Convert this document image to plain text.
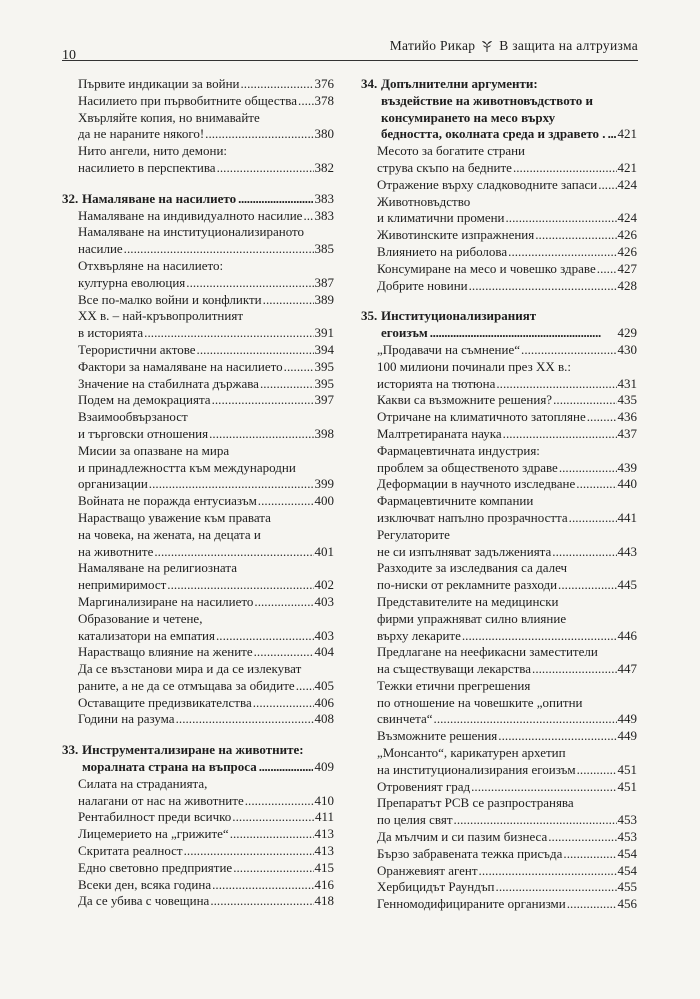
10
Матийо Рикар В защита на алтруизма
Първите индикации за войни . . .	376
Насилието при първобитните общества . . . 378
Хвърляйте копия, но внимавайте
да не нараните някого! . . .	380
Нито ангели, нито демони:
насилието в перспектива . . .	382
32. Намаляване на насилието . . .	383
Намаляване на индивидуалното насилие . . . 383
Намаляване на институционализираното
насилие . . .	385
Отхвърляне на насилието:
културна еволюция . . .	387
Все по-малко войни и конфликти . . .	389
XX в. – най-кръвопролитният
в историята . . .	391
Терористични актове . . .	394
Фактори за намаляване на насилието . . . 395
Значение на стабилната държава . . .	395
Подем на демокрацията . . .	397
Взаимообвързаност
и търговски отношения . . .	398
Мисии за опазване на мира
и принадлежността към международни
организации . . .	399
Войната не поражда ентусиазъм . . .	400
Нарастващо уважение към правата
на човека, на жената, на децата и
на животните . . .	401
Намаляване на религиозната
непримиримост . . .	402
Маргинализиране на насилието . . .	403
Образование и четене,
катализатори на емпатия . . .	403
Нарастващо влияние на жените . . .	404
Да се възстанови мира и да се излекуват
раните, а не да се отмъщава за обидите . . . 405
Оставащите предизвикателства . . .	406
Години на разума . . .	408
33. Инструментализиране на животните:
моралната страна на въпроса . . .	409
Силата на страданията,
налагани от нас на животните . . .	410
Рентабилност преди всичко . . .	411
Лицемерието на „грижите“ . . .	413
Скритата реалност . . .	413
Едно световно предприятие . . .	415
Всеки ден, всяка година . . .	416
Да се убива с човещина . . .	418
34. Допълнителни аргументи:
въздействие на животновъдството и
консумирането на месо върху
бедността, околната среда и здравето . . . . 421
Месото за богатите страни
струва скъпо на бедните . . .	421
Отражение върху сладководните запаси . . . 424
Животновъдство
и климатични промени . . .	424
Животинските изпражнения . . .	426
Влиянието на риболова . . .	426
Консумиране на месо и човешко здраве . . . 427
Добрите новини . . .	428
35. Институционализираният
егоизъм . . .	429
„Продавачи на съмнение“ . . .	430
100 милиони починали през XX в.:
историята на тютюна . . .	431
Какви са възможните решения? . . .	435
Отричане на климатичното затопляне . . . 436
Малтретираната наука . . .	437
Фармацевтичната индустрия:
проблем за общественото здраве . . .	439
Деформации в научното изследване . . .	440
Фармацевтичните компании
изключват напълно прозрачността . . .	441
Регулаторите
не си изпълняват задълженията . . .	443
Разходите за изследвания са далеч
по-ниски от рекламните разходи . . .	445
Представителите на медицински
фирми упражняват силно влияние
върху лекарите . . .	446
Предлагане на неефикасни заместители
на съществуващи лекарства . . .	447
Тежки етични прегрешения
по отношение на човешките „опитни
свинчета“ . . .	449
Възможните решения . . .	449
„Монсанто“, карикатурен архетип
на институционализирания егоизъм . . .	451
Отровеният град . . .	451
Препаратът PCB се разпространява
по целия свят . . .	453
Да мълчим и си пазим бизнеса . . .	453
Бързо забравената тежка присъда . . .	454
Оранжевият агент . . .	454
Хербицидът Раундъп . . .	455
Генномодифицираните организми . . .	456
